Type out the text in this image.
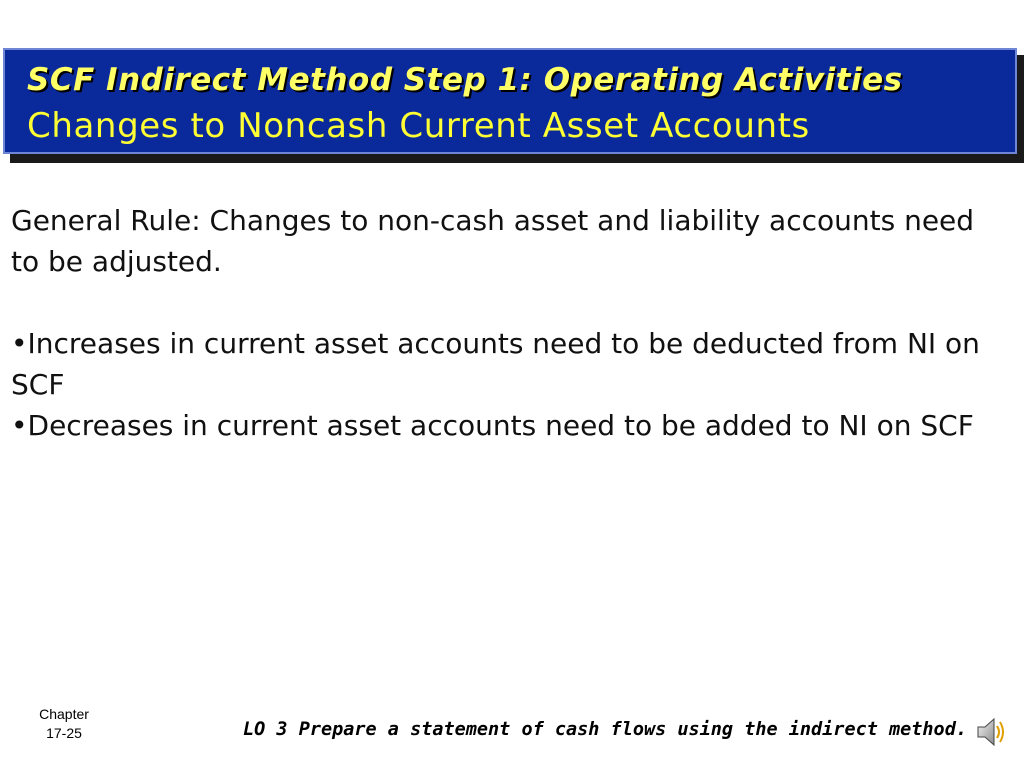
SCF Indirect Method Step 1: Operating Activities
Changes to Noncash Current Asset Accounts

General Rule: Changes to non-cash asset and liability accounts need to be adjusted.

•Increases in current asset accounts need to be deducted from NI on SCF

•Decreases in current asset accounts need to be added to NI on SCF

Chapter
17-25	LO 3 Prepare a statement of cash flows using the indirect method.
